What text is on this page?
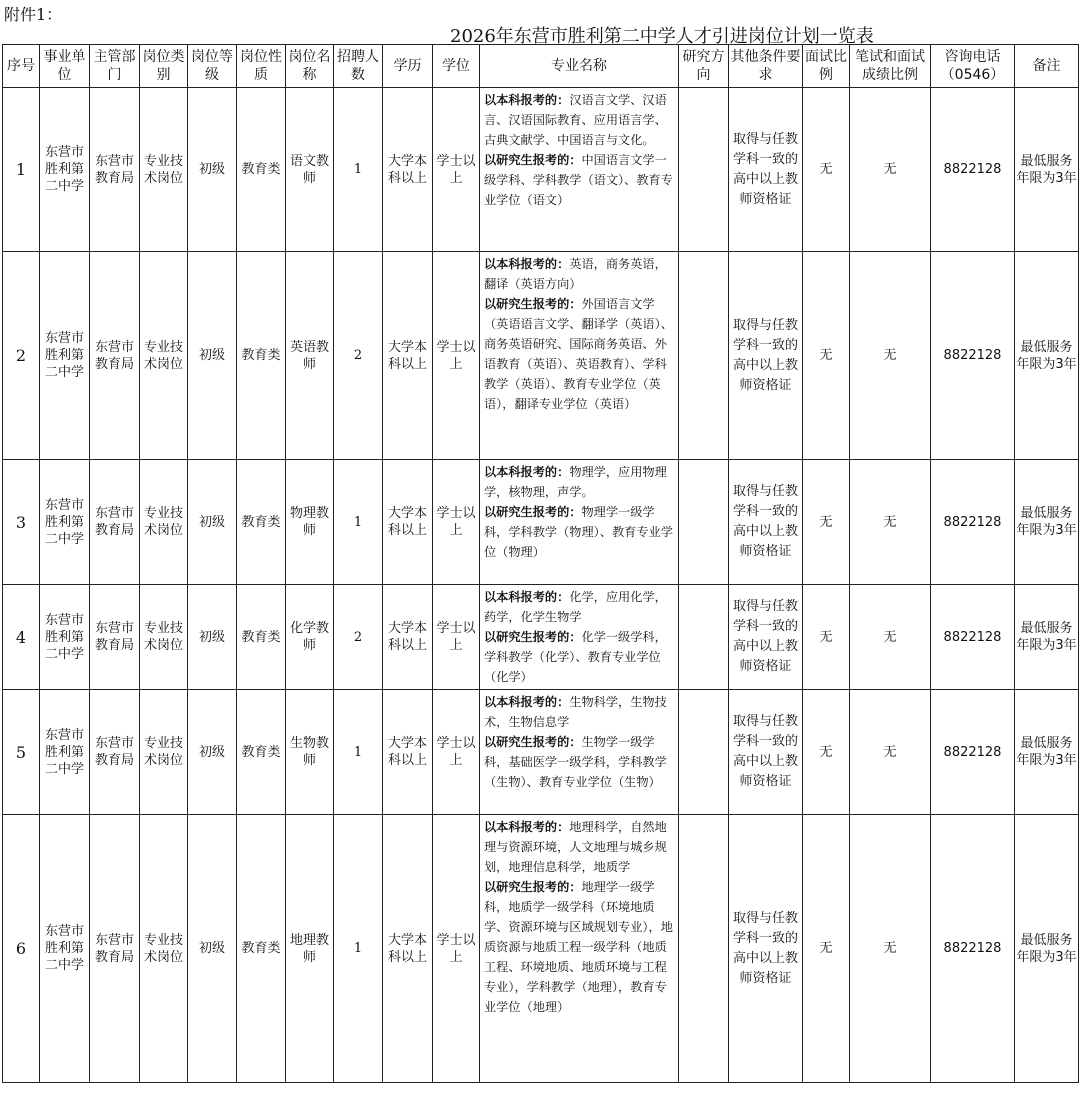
附件1：
2026年东营市胜利第二中学人才引进岗位计划一览表
序号	事业单位	主管部门	岗位类别	岗位等级	岗位性质	岗位名称	招聘人数	学历	学位	专业名称	研究方向	其他条件要求	面试比例	笔试和面试成绩比例	咨询电话（0546）	备注
1	东营市胜利第二中学	东营市教育局	专业技术岗位	初级	教育类	语文教师	1	大学本科以上	学士以上	以本科报考的：汉语言文学、汉语言、汉语国际教育、应用语言学、古典文献学、中国语言与文化。
以研究生报考的：中国语言文学一级学科、学科教学（语文）、教育专业学位（语文）		取得与任教学科一致的高中以上教师资格证	无	无	8822128	最低服务年限为3年
2	东营市胜利第二中学	东营市教育局	专业技术岗位	初级	教育类	英语教师	2	大学本科以上	学士以上	以本科报考的：英语，商务英语，翻译（英语方向）
以研究生报考的：外国语言文学（英语语言文学、翻译学（英语）、商务英语研究、国际商务英语、外语教育（英语）、英语教育）、学科教学（英语）、教育专业学位（英语），翻译专业学位（英语）		取得与任教学科一致的高中以上教师资格证	无	无	8822128	最低服务年限为3年
3	东营市胜利第二中学	东营市教育局	专业技术岗位	初级	教育类	物理教师	1	大学本科以上	学士以上	以本科报考的：物理学，应用物理学，核物理，声学。
以研究生报考的：物理学一级学科，学科教学（物理）、教育专业学位（物理）		取得与任教学科一致的高中以上教师资格证	无	无	8822128	最低服务年限为3年
4	东营市胜利第二中学	东营市教育局	专业技术岗位	初级	教育类	化学教师	2	大学本科以上	学士以上	以本科报考的：化学，应用化学，药学，化学生物学
以研究生报考的：化学一级学科，学科教学（化学）、教育专业学位（化学）		取得与任教学科一致的高中以上教师资格证	无	无	8822128	最低服务年限为3年
5	东营市胜利第二中学	东营市教育局	专业技术岗位	初级	教育类	生物教师	1	大学本科以上	学士以上	以本科报考的：生物科学，生物技术，生物信息学
以研究生报考的：生物学一级学科，基础医学一级学科，学科教学（生物）、教育专业学位（生物）		取得与任教学科一致的高中以上教师资格证	无	无	8822128	最低服务年限为3年
6	东营市胜利第二中学	东营市教育局	专业技术岗位	初级	教育类	地理教师	1	大学本科以上	学士以上	以本科报考的：地理科学，自然地理与资源环境，人文地理与城乡规划，地理信息科学，地质学
以研究生报考的：地理学一级学科，地质学一级学科（环境地质学、资源环境与区域规划专业），地质资源与地质工程一级学科（地质工程、环境地质、地质环境与工程专业），学科教学（地理），教育专业学位（地理）		取得与任教学科一致的高中以上教师资格证	无	无	8822128	最低服务年限为3年
